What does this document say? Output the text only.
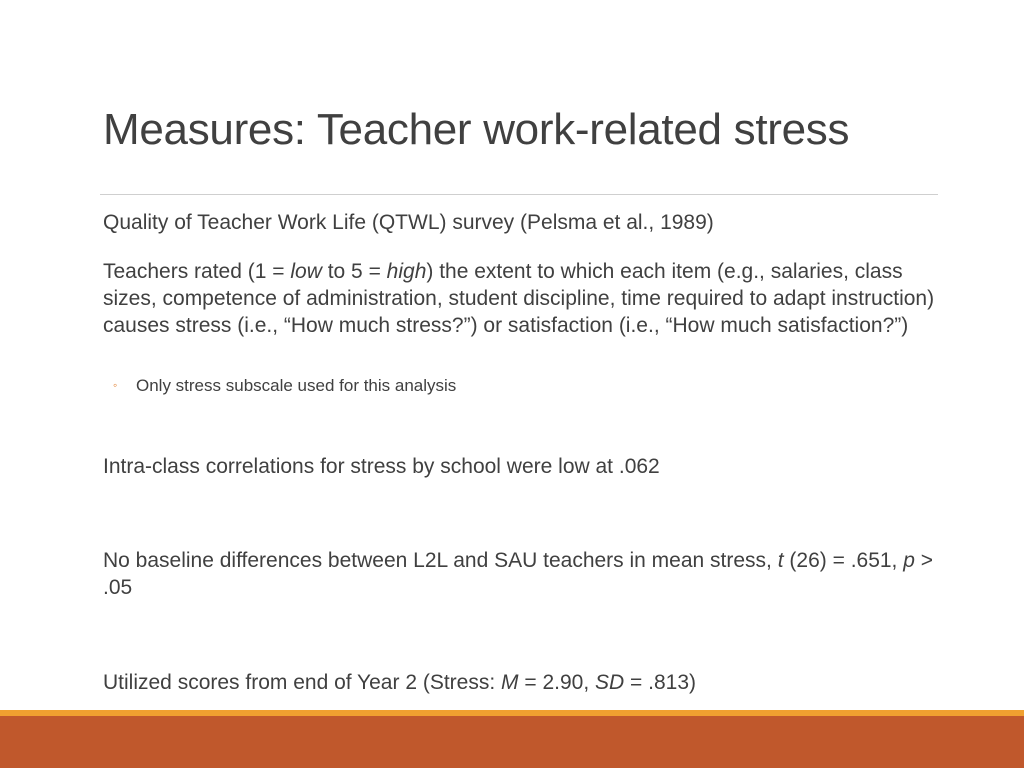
Measures: Teacher work-related stress

Quality of Teacher Work Life (QTWL) survey (Pelsma et al., 1989)

Teachers rated (1 = low to 5 = high) the extent to which each item (e.g., salaries, class sizes, competence of administration, student discipline, time required to adapt instruction) causes stress (i.e., “How much stress?”) or satisfaction (i.e., “How much satisfaction?”)

◦ Only stress subscale used for this analysis

Intra-class correlations for stress by school were low at .062

No baseline differences between L2L and SAU teachers in mean stress, t (26) = .651, p > .05

Utilized scores from end of Year 2 (Stress: M = 2.90, SD = .813)
